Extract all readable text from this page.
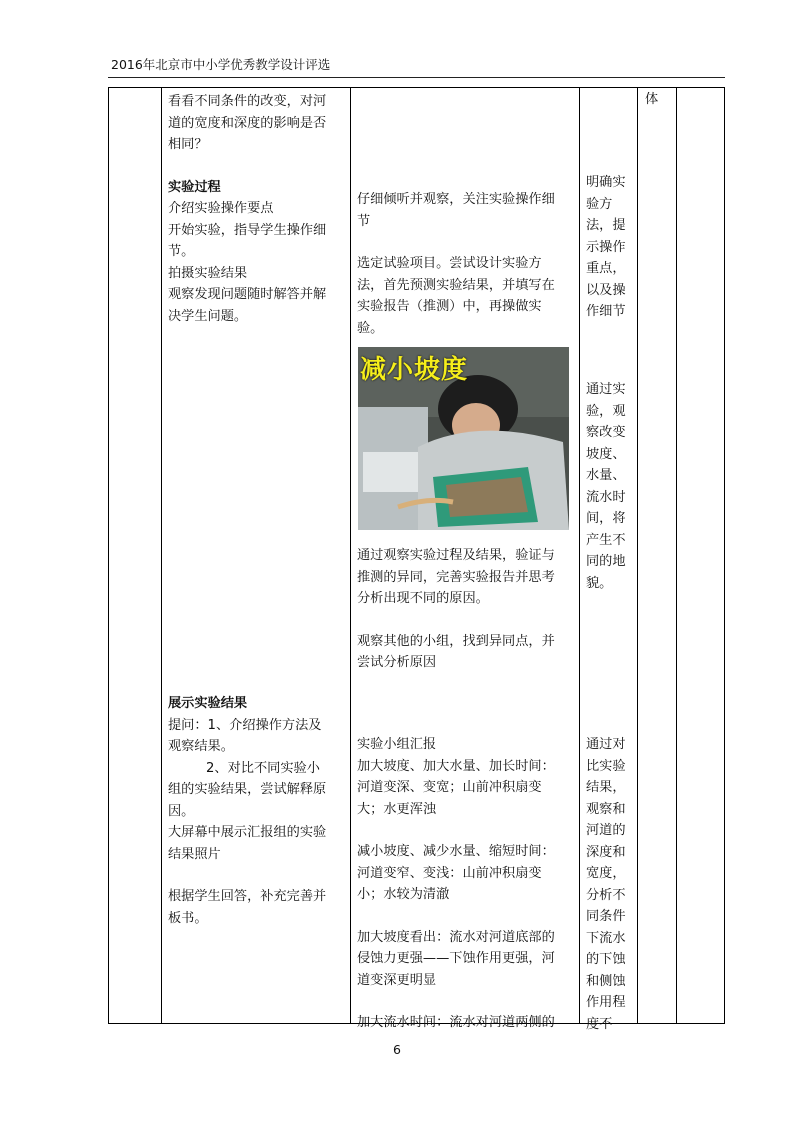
2016年北京市中小学优秀教学设计评选
看看不同条件的改变，对河
道的宽度和深度的影响是否
相同？
实验过程
介绍实验操作要点
开始实验，指导学生操作细
节。
拍摄实验结果
观察发现问题随时解答并解
决学生问题。
展示实验结果
提问：1、介绍操作方法及
观察结果。
2、对比不同实验小
组的实验结果，尝试解释原
因。
大屏幕中展示汇报组的实验
结果照片
根据学生回答，补充完善并
板书。
仔细倾听并观察，关注实验操作细
节
选定试验项目。尝试设计实验方
法，首先预测实验结果，并填写在
实验报告（推测）中，再操做实
验。
减小坡度
通过观察实验过程及结果，验证与
推测的异同，完善实验报告并思考
分析出现不同的原因。
观察其他的小组，找到异同点，并
尝试分析原因
实验小组汇报
加大坡度、加大水量、加长时间：
河道变深、变宽；山前冲积扇变
大；水更浑浊
减小坡度、减少水量、缩短时间：
河道变窄、变浅：山前冲积扇变
小；水较为清澈
加大坡度看出：流水对河道底部的
侵蚀力更强——下蚀作用更强，河
道变深更明显
加大流水时间：流水对河道两侧的
明确实
验方
法，提
示操作
重点，
以及操
作细节
通过实
验，观
察改变
坡度、
水量、
流水时
间，将
产生不
同的地
貌。
通过对
比实验
结果，
观察和
河道的
深度和
宽度，
分析不
同条件
下流水
的下蚀
和侧蚀
作用程
度不
体
6
